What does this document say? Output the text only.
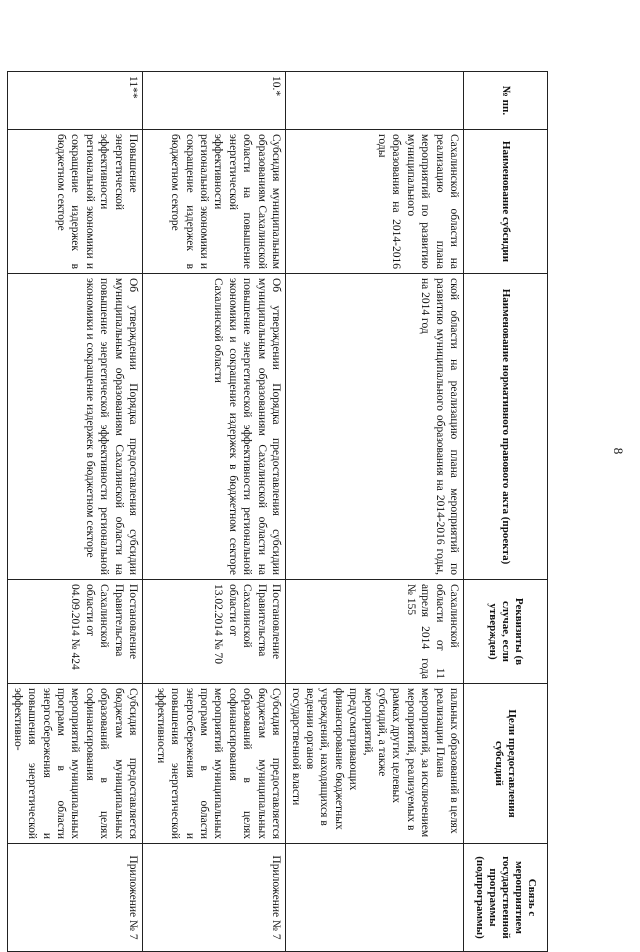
8
№ пп.	Наименование субсидии	Наименование нормативного правового акта (проекта)	Реквизиты (в случае, если утвержден)	Цели предоставления субсидий	Связь с мероприятием государственной программы (подпрограммы)
	Сахалинской области на реализацию плана мероприятий по развитию муниципального образования на 2014-2016 годы	ской области на реализацию плана мероприятий по развитию муниципального образования на 2014-2016 годы, на 2014 год	Сахалинской области от 11 апреля 2014 года № 155	пальных образований в целях реализации Плана мероприятий, за исключением мероприятий, реализуемых в рамках других целевых субсидий, а также мероприятий, предусматривающих финансирование бюджетных учреждений, находящихся в ведении органов государственной власти	
10.*	Субсидия муниципальным образованиям Сахалинской области на повышение энергетической эффективности региональной экономики и сокращение издержек в бюджетном секторе	Об утверждении Порядка предоставления субсидии муниципальным образованиям Сахалинской области на повышение энергетической эффективности региональной экономики и сокращение издержек в бюджетном секторе Сахалинской области	Постановление Правительства Сахалинской области от 13.02.2014 № 70	Субсидия предоставляется бюджетам муниципальных образований в целях софинансирования мероприятий муниципальных программ в области энергосбережения и повышения энергетической эффективности	Приложение № 7
11**	Повышение энергетической эффективности региональной экономики и сокращение издержек в бюджетном секторе	Об утверждении Порядка предоставления субсидии муниципальным образованиям Сахалинской области на повышение энергетической эффективности региональной экономики и сокращение издержек в бюджетном секторе	Постановление Правительства Сахалинской области от 04.09.2014 № 424	Субсидия предоставляется бюджетам муниципальных образований в целях софинансирования мероприятий муниципальных программ в области энергосбережения и повышения энергетической эффективно-	Приложение № 7
